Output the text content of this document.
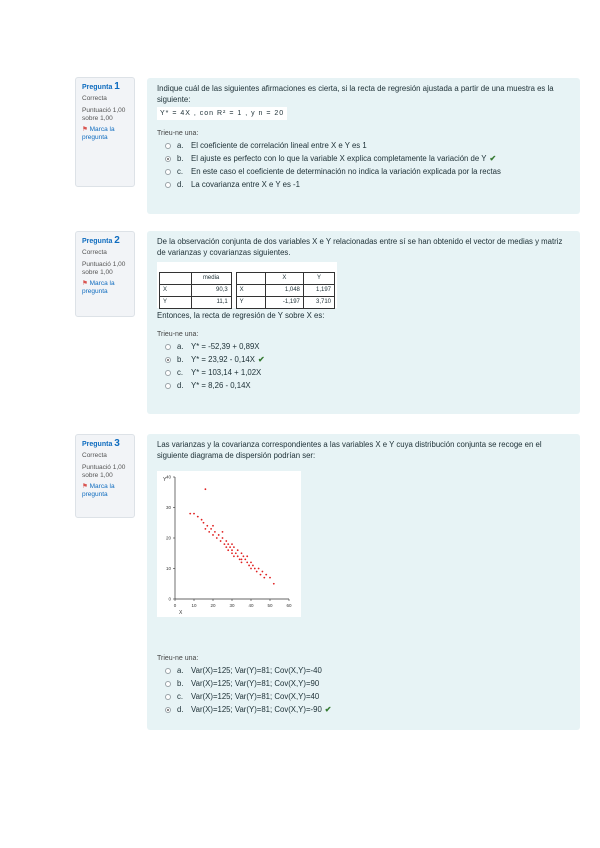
Pregunta 1
Correcta
Puntuació 1,00 sobre 1,00
⚑ Marca la pregunta

Indique cuál de las siguientes afirmaciones es cierta, si la recta de regresión ajustada a partir de una muestra es la siguiente:

Y* = 4X , con R² = 1 , y n = 20
Trieu-ne una:
a. El coeficiente de correlación lineal entre X e Y es 1
b. El ajuste es perfecto con lo que la variable X explica completamente la variación de Y ✔
c. En este caso el coeficiente de determinación no indica la variación explicada por la rectas
d. La covarianza entre X e Y es -1
Pregunta 2
Correcta
Puntuació 1,00 sobre 1,00
⚑ Marca la pregunta

De la observación conjunta de dos variables X e Y relacionadas entre sí se han obtenido el vector de medias y matriz de varianzas y covarianzas siguientes.

	media
X	90,3
Y	11,1
	X	Y
X	1,048	1,197
Y	-1,197	3,710

Entonces, la recta de regresión de Y sobre X es:

Trieu-ne una:
a. Y* = -52,39 + 0,89X
b. Y* = 23,92 - 0,14X ✔
c. Y* = 103,14 + 1,02X
d. Y* = 8,26 - 0,14X
Pregunta 3
Correcta
Puntuació 1,00 sobre 1,00
⚑ Marca la pregunta

Las varianzas y la covarianza correspondientes a las variables X e Y cuya distribución conjunta se recoge en el siguiente diagrama de dispersión podrían ser:

0	10	20	30	40	50	60
0
10
20
30
40
X
Y
Trieu-ne una:
a. Var(X)=125; Var(Y)=81; Cov(X,Y)=-40
b. Var(X)=125; Var(Y)=81; Cov(X,Y)=90
c. Var(X)=125; Var(Y)=81; Cov(X,Y)=40
d. Var(X)=125; Var(Y)=81; Cov(X,Y)=-90 ✔
